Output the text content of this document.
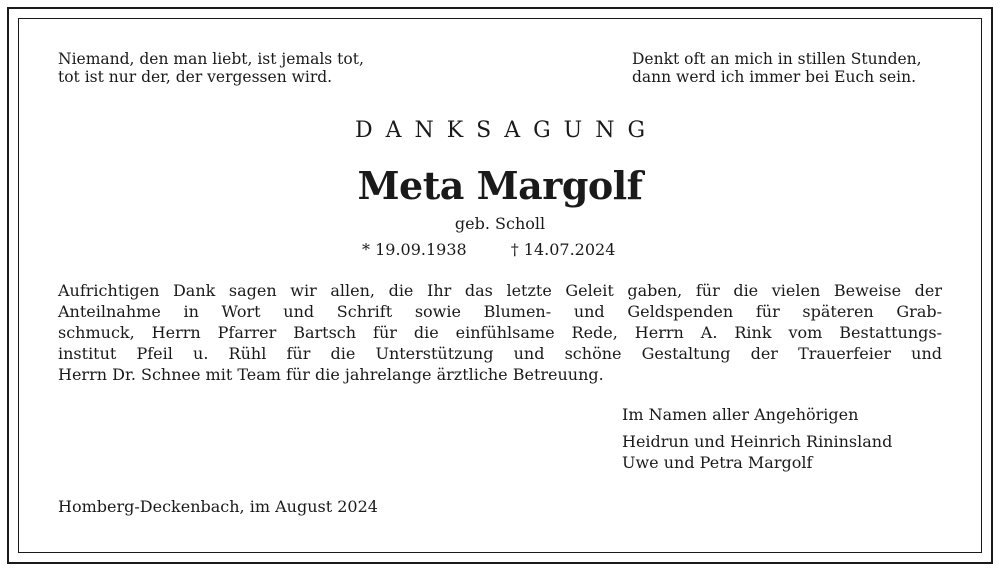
Niemand, den man liebt, ist jemals tot,
tot ist nur der, der vergessen wird.
Denkt oft an mich in stillen Stunden,
dann werd ich immer bei Euch sein.
DANKSAGUNG
Meta Margolf
geb. Scholl
* 19.09.1938	† 14.07.2024
Aufrichtigen Dank sagen wir allen, die Ihr das letzte Geleit gaben, für die vielen Beweise der
Anteilnahme in Wort und Schrift sowie Blumen- und Geldspenden für späteren Grab-
schmuck, Herrn Pfarrer Bartsch für die einfühlsame Rede, Herrn A. Rink vom Bestattungs-
institut Pfeil u. Rühl für die Unterstützung und schöne Gestaltung der Trauerfeier und
Herrn Dr. Schnee mit Team für die jahrelange ärztliche Betreuung.
Im Namen aller Angehörigen
Heidrun und Heinrich Rininsland
Uwe und Petra Margolf
Homberg-Deckenbach, im August 2024
